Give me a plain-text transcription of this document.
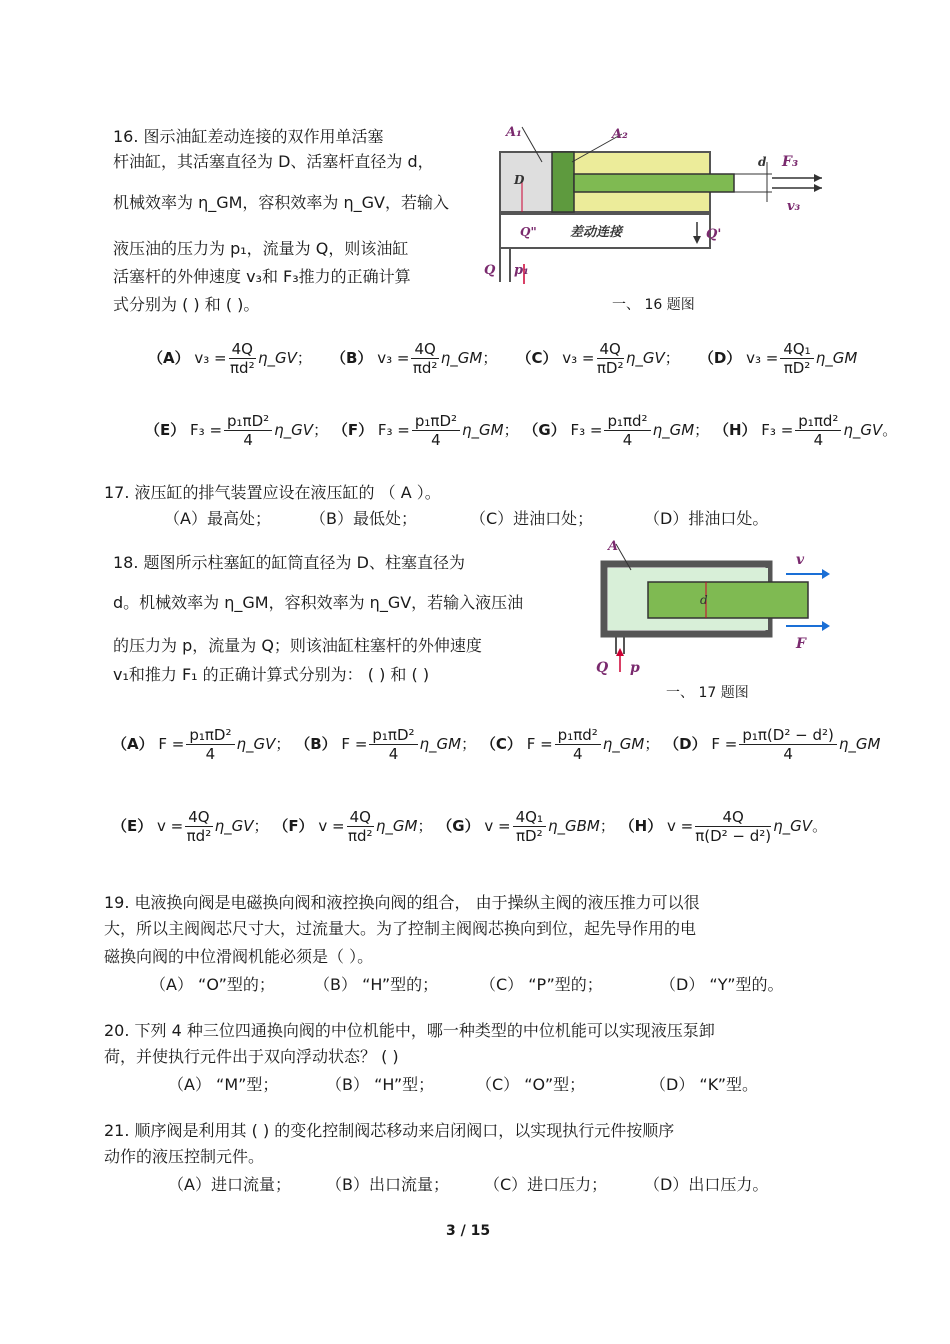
16. 图示油缸差动连接的双作用单活塞
杆油缸，其活塞直径为 D、活塞杆直径为 d，
机械效率为 η_GM，容积效率为 η_GV，若输入
液压油的压力为 p₁，流量为 Q，则该油缸
活塞杆的外伸速度 v₃和 F₃推力的正确计算
式分别为 ( ) 和 ( )。
A₁	A₂
D
d F₃
v₃
Q"	差动连接	Q'
Q p₁
一、 16 题图
（A） $v_3 = \frac{4Q}{\text{πd²}}$ η_GV； （B） $v_3 = \frac{4Q}{\text{πd²}}$ η_GM； （C） $v_3 = \frac{4Q}{\text{πD²}}$ η_GV； （D） $v_3 = \frac{\text{4Q₁}}{\text{πD²}}$ η_GM
（E） $F_3 = \frac{\text{p₁πD²}}{4}$ η_GV； （F） $F_3 = \frac{\text{p₁πD²}}{4}$ η_GM； （G） $F_3 = \frac{\text{p₁πd²}}{4}$ η_GM； （H） $F_3 = \frac{\text{p₁πd²}}{4}$ η_GV。
17. 液压缸的排气装置应设在液压缸的 （ A ）。
（A）最高处； （B）最低处；	（C）进油口处；	（D）排油口处。
18. 题图所示柱塞缸的缸筒直径为 D、柱塞直径为
d。机械效率为 η_GM，容积效率为 η_GV，若输入液压油
的压力为 p，流量为 Q；则该油缸柱塞杆的外伸速度
v₁和推力 F₁ 的正确计算式分别为： ( ) 和 ( )
A
d
v
F
Q p
一、 17 题图
（A） $F = \frac{\text{p₁πD²}}{4}$ η_GV； （B） $F = \frac{\text{p₁πD²}}{4}$ η_GM； （C） $F = \frac{\text{p₁πd²}}{4}$ η_GM； （D） $F = \frac{\text{p₁π(D² − d²)}}{4}$ η_GM
（E） $v = \frac{4Q}{\text{πd²}}$ η_GV； （F） $v = \frac{4Q}{\text{πd²}}$ η_GM； （G） $v = \frac{\text{4Q₁}}{\text{πD²}}$ η_GBM； （H） $v = \frac{4Q}{\text{π(D² − d²)}}$ η_GV。
19. 电液换向阀是电磁换向阀和液控换向阀的组合， 由于操纵主阀的液压推力可以很
大，所以主阀阀芯尺寸大，过流量大。为了控制主阀阀芯换向到位，起先导作用的电
磁换向阀的中位滑阀机能必须是（ ）。
（A） “O”型的； （B） “H”型的；	（C） “P”型的；	（D） “Y”型的。
20. 下列 4 种三位四通换向阀的中位机能中，哪一种类型的中位机能可以实现液压泵卸
荷，并使执行元件出于双向浮动状态？ ( )
（A） “M”型；	（B） “H”型；	（C） “O”型；	（D） “K”型。
21. 顺序阀是利用其 ( ) 的变化控制阀芯移动来启闭阀口，以实现执行元件按顺序
动作的液压控制元件。
（A）进口流量； （B）出口流量； （C）进口压力； （D）出口压力。
3 / 15
